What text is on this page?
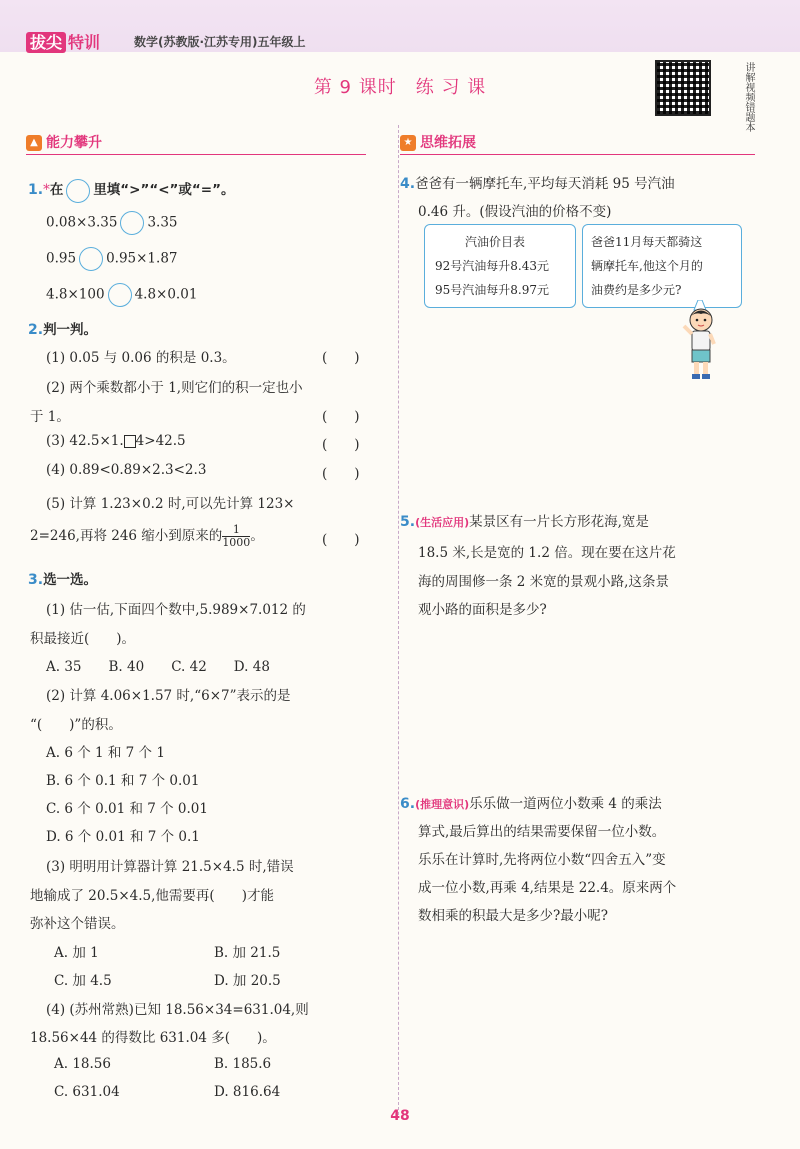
拔尖 特训	数学(苏教版·江苏专用)五年级上
第 9 课时　练 习 课	讲解视频错题本
▲ 能力攀升	★ 思维拓展
1.*在 里填“>”“<”或“=”。
0.08×3.35 3.35
0.95 0.95×1.87
4.8×100 4.8×0.01
2.判一判。
(1) 0.05 与 0.06 的积是 0.3。	(　　)
(2) 两个乘数都小于 1,则它们的积一定也小
于 1。	(　　)
(3) 42.5×1. 4>42.5	(　　)
(4) 0.89<0.89×2.3<2.3	(　　)
(5) 计算 1.23×0.2 时,可以先计算 123×
2=246,再将 246 缩小到原来的 $\frac{1}{1000}$ 。	(　　)
3.选一选。
(1) 估一估,下面四个数中,5.989×7.012 的
积最接近(　　)。
A. 35　　B. 40　　C. 42　　D. 48
(2) 计算 4.06×1.57 时,“6×7”表示的是
“(　　)”的积。
A. 6 个 1 和 7 个 1
B. 6 个 0.1 和 7 个 0.01
C. 6 个 0.01 和 7 个 0.01
D. 6 个 0.01 和 7 个 0.1
(3) 明明用计算器计算 21.5×4.5 时,错误
地输成了 20.5×4.5,他需要再(　　)才能
弥补这个错误。
A. 加 1	B. 加 21.5
C. 加 4.5	D. 加 20.5
(4) (苏州常熟)已知 18.56×34=631.04,则
18.56×44 的得数比 631.04 多(　　)。
A. 18.56	B. 185.6
C. 631.04	D. 816.64
4.爸爸有一辆摩托车,平均每天消耗 95 号汽油
0.46 升。(假设汽油的价格不变)
汽油价目表
92号汽油每升8.43元
95号汽油每升8.97元
爸爸11月每天都骑这
辆摩托车,他这个月的
油费约是多少元?
5.(生活应用)某景区有一片长方形花海,宽是
18.5 米,长是宽的 1.2 倍。现在要在这片花
海的周围修一条 2 米宽的景观小路,这条景
观小路的面积是多少?
6.(推理意识)乐乐做一道两位小数乘 4 的乘法
算式,最后算出的结果需要保留一位小数。
乐乐在计算时,先将两位小数“四舍五入”变
成一位小数,再乘 4,结果是 22.4。原来两个
数相乘的积最大是多少?最小呢?
48
